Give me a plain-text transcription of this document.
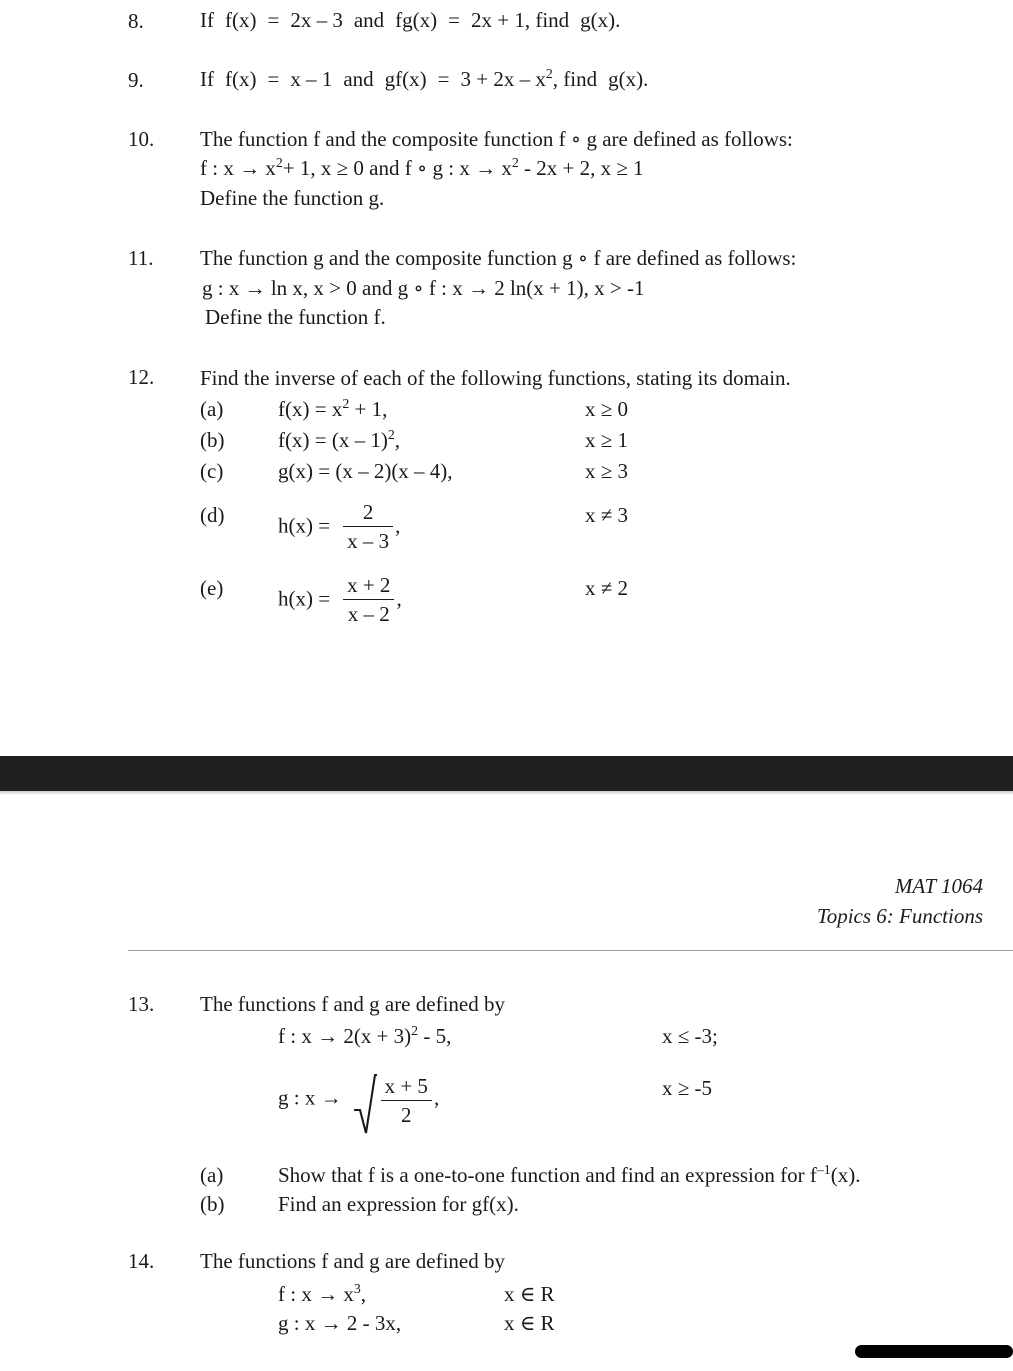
8.	If f(x) = 2x – 3 and fg(x) = 2x + 1, find g(x).
9.	If f(x) = x – 1 and $gf(x) = 3 + 2x - x^2$, find g(x).
10. The function f and the composite function f ∘ g are defined as follows:
f : $x \to x^2+ 1$, x ≥ 0 and f ∘ g : $x \to x^2 - 2x + 2$, x ≥ 1
Define the function g.
11. The function g and the composite function g ∘ f are defined as follows:
g : x → ln x, x > 0 and g ∘ f : x → 2 ln(x + 1), x > -1
Define the function f.
12. Find the inverse of each of the following functions, stating its domain.
(a)	$f(x) = x^2 + 1$,	x ≥ 0
(b)	f(x) = (x – 1)$^2$,	x ≥ 1
(c)	g(x) = (x – 2)(x – 4),	x ≥ 3
(d)	$h(x) = \frac{2}{x - 3}$ ,	x ≠ 3
(e)	$h(x) = \frac{x + 2}{x - 2}$ ,	x ≠ 2
MAT 1064
Topics 6: Functions
13. The functions f and g are defined by
f : $x \to 2(x + 3)^2 - 5$,	x ≤ -3;
g : $x \to \frac{x + 5}{2}$ ,	x ≥ -5
(a)	Show that f is a one-to-one function and find an expression for $f^{-1}(x)$.
(b)	Find an expression for gf(x).
14. The functions f and g are defined by
f : $x \to x^3$,	x ∈ R
g : x → 2 - 3x,	x ∈ R
